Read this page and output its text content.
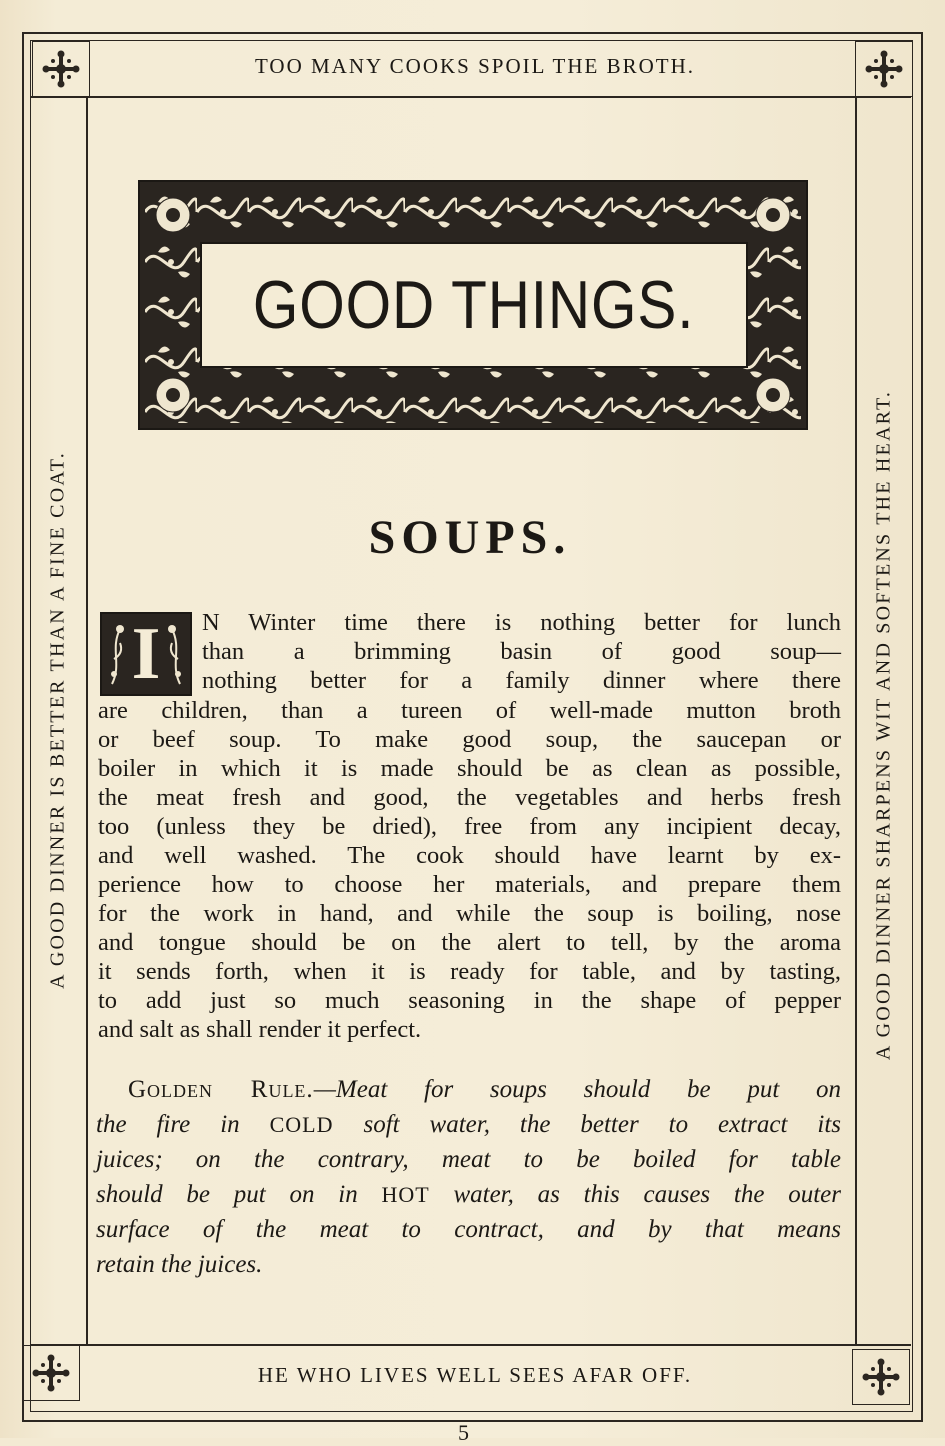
TOO MANY COOKS SPOIL THE BROTH.
A GOOD DINNER IS BETTER THAN A FINE COAT.	A GOOD DINNER SHARPENS WIT AND SOFTENS THE HEART.
HE WHO LIVES WELL SEES AFAR OFF.
GOOD THINGS.
SOUPS.
I	N Winter time there is nothing better for lunch
than a brimming basin of good soup—
nothing better for a family dinner where there
are children, than a tureen of well-made mutton broth
or beef soup. To make good soup, the saucepan or
boiler in which it is made should be as clean as possible,
the meat fresh and good, the vegetables and herbs fresh
too (unless they be dried), free from any incipient decay,
and well washed. The cook should have learnt by ex-
perience how to choose her materials, and prepare them
for the work in hand, and while the soup is boiling, nose
and tongue should be on the alert to tell, by the aroma
it sends forth, when it is ready for table, and by tasting,
to add just so much seasoning in the shape of pepper
and salt as shall render it perfect.
Golden Rule.—Meat for soups should be put on
the fire in COLD soft water, the better to extract its
juices; on the contrary, meat to be boiled for table
should be put on in HOT water, as this causes the outer
surface of the meat to contract, and by that means
retain the juices.
5
